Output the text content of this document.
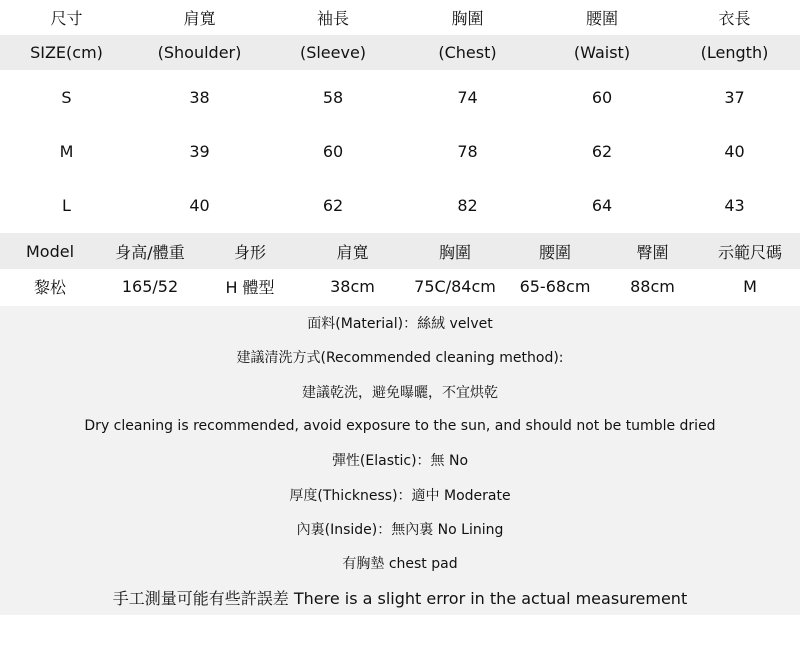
尺寸	肩寬	袖長	胸圍	腰圍	衣長
SIZE(cm)	(Shoulder)	(Sleeve)	(Chest)	(Waist)	(Length)
S	38	58	74	60	37
M	39	60	78	62	40
L	40	62	82	64	43
Model	身高/體重	身形	肩寬	胸圍	腰圍	臀圍	示範尺碼
黎松	165/52	H 體型	38cm	75C/84cm	65-68cm	88cm	M
面料(Material)：絲絨 velvet
建議清洗方式(Recommended cleaning method):
建議乾洗，避免曝曬，不宜烘乾
Dry cleaning is recommended, avoid exposure to the sun, and should not be tumble dried
彈性(Elastic)：無 No
厚度(Thickness)：適中 Moderate
內裏(Inside)：無內裏 No Lining
有胸墊 chest pad
手工測量可能有些許誤差 There is a slight error in the actual measurement
